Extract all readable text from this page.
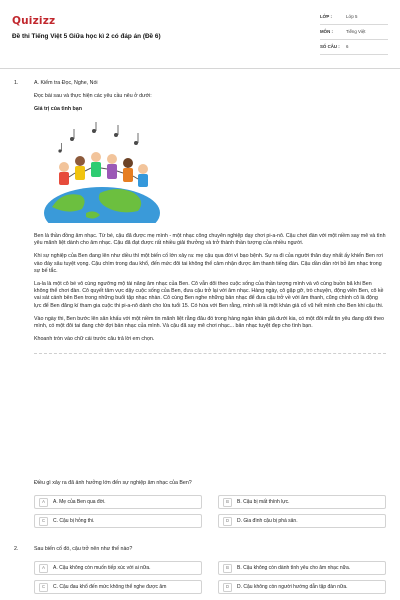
Quizizz
Đề thi Tiếng Việt 5 Giữa học kì 2 có đáp án (Đề 6)
LỚP :	Lớp 5
MÔN :	Tiếng Việt
SỐ CÂU :	6
1.	A. Kiểm tra Đọc, Nghe, Nói
Đọc bài sau và thực hiện các yêu cầu nêu ở dưới:
Giá trị của tình bạn
Ben là thần đồng âm nhạc. Từ bé, cậu đã được mẹ mình - một nhạc công chuyên nghiệp dạy chơi pi-a-nô. Cậu chơi đàn với một niềm say mê và tình yêu mãnh liệt dành cho âm nhạc. Cậu đã đạt được rất nhiều giải thưởng và trở thành thần tượng của nhiều người.
Khi sự nghiệp của Ben đang lên như diều thì một biến cố lớn xảy ra: mẹ cậu qua đời vì bạo bệnh. Sự ra đi của người thân duy nhất ấy khiến Ben rơi vào đáy sâu tuyệt vọng. Cậu chìm trong đau khổ, đến mức đôi tai không thể cảm nhận được âm thanh tiếng đàn. Cậu dần dần rời bỏ âm nhạc trong sự bế tắc.
La-la là một cô bé vô cùng ngưỡng mộ tài năng âm nhạc của Ben. Cô vẫn dõi theo cuộc sống của thần tượng mình và vô cùng buồn bã khi Ben không thể chơi đàn. Cô quyết tâm vực dậy cuộc sống của Ben, đưa cậu trở lại với âm nhạc. Hàng ngày, cô gặp gỡ, trò chuyện, động viên Ben, cô kề vai sát cánh bên Ben trong những buổi tập nhạc nhàn. Cô cùng Ben nghe những bản nhạc để đưa cậu trở về với âm thanh, cũng chính cô là động lực để Ben đăng kí tham gia cuộc thi pi-a-nô dành cho lứa tuổi 15. Có hứa với Ben rằng, mình sẽ là một khán giả cổ vũ hết mình cho Ben khi cậu thi.
Vào ngày thi, Ben bước lên sân khấu với một niềm tin mãnh liệt rằng đâu đó trong hàng ngàn khán giả dưới kia, có một đôi mắt tin yêu đang dõi theo mình, có một đôi tai đang chờ đợi bản nhạc của mình. Và cậu đã say mê chơi nhạc... bản nhạc tuyệt đẹp cho tình bạn.
Khoanh tròn vào chữ cái trước câu trả lời em chọn.
Điều gì xảy ra đã ảnh hưởng lớn đến sự nghiệp âm nhạc của Ben?
A	A. Mẹ của Ben qua đời.	B	B. Cậu bị mất thính lực.
C	C. Cậu bị hỏng thi.	D	D. Gia đình cậu bị phá sản.
2.	Sau biến cố đó, cậu trở nên như thế nào?
A	A. Cậu không còn muốn tiếp xúc với ai nữa.	B	B. Cậu không còn dành tình yêu cho âm nhạc nữa.
C	C. Cậu đau khổ đến mức không thể nghe được âm	D	D. Cậu không còn người hướng dẫn tập đàn nữa.
